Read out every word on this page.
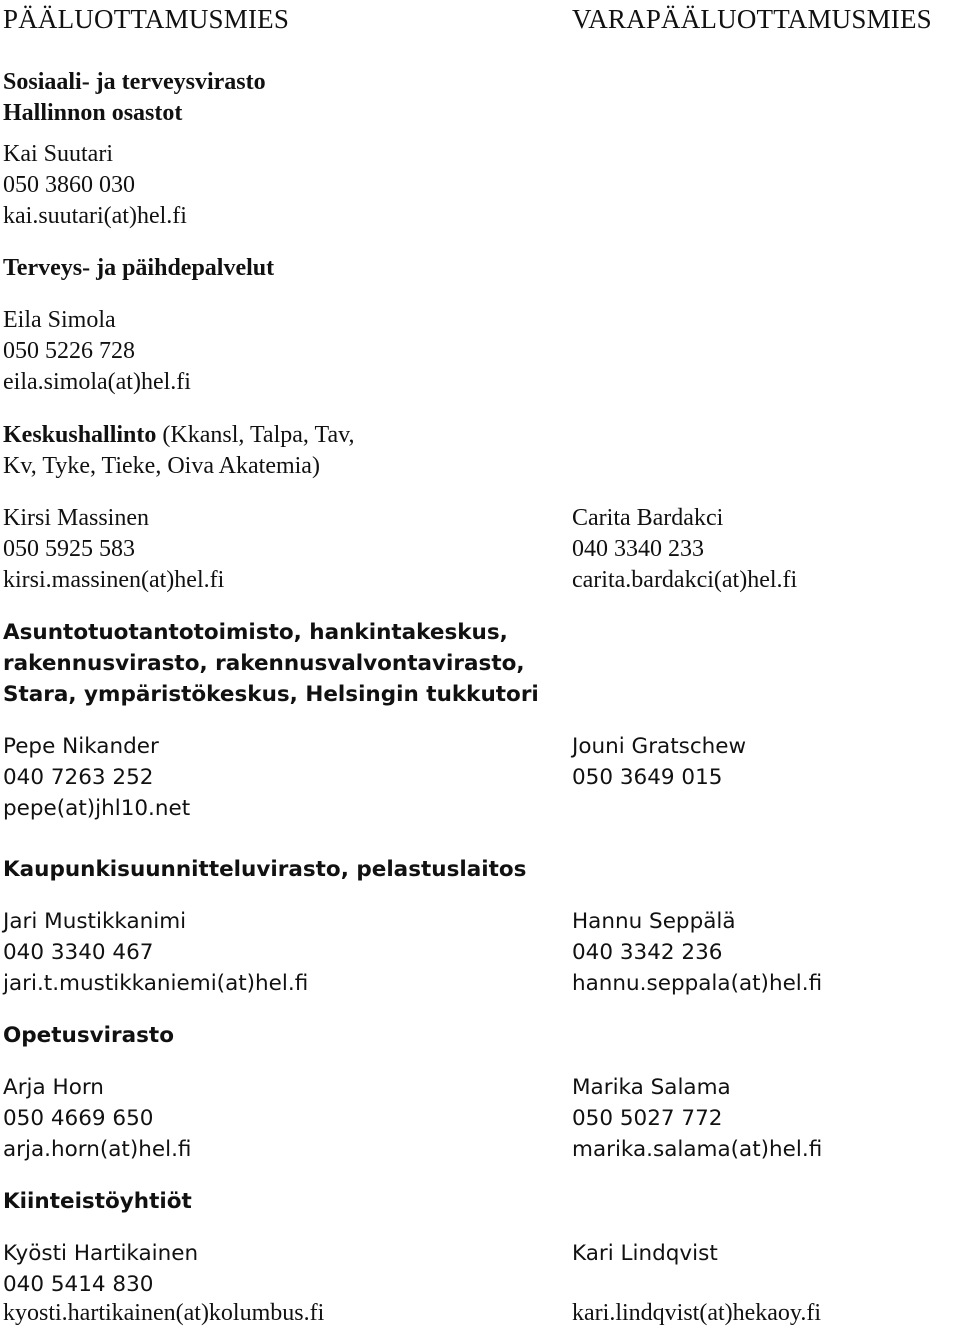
PÄÄLUOTTAMUSMIES	VARAPÄÄLUOTTAMUSMIES
Sosiaali- ja terveysvirasto
Hallinnon osastot
Kai Suutari
050 3860 030
kai.suutari(at)hel.fi
Terveys- ja päihdepalvelut
Eila Simola
050 5226 728
eila.simola(at)hel.fi
Keskushallinto (Kkansl, Talpa, Tav,
Kv, Tyke, Tieke, Oiva Akatemia)
Kirsi Massinen
050 5925 583
kirsi.massinen(at)hel.fi
Carita Bardakci
040 3340 233
carita.bardakci(at)hel.fi
Asuntotuotantotoimisto, hankintakeskus,
rakennusvirasto, rakennusvalvontavirasto,
Stara, ympäristökeskus, Helsingin tukkutori
Pepe Nikander
040 7263 252
pepe(at)jhl10.net
Jouni Gratschew
050 3649 015
Kaupunkisuunnitteluvirasto, pelastuslaitos
Jari Mustikkanimi
040 3340 467
jari.t.mustikkaniemi(at)hel.fi
Hannu Seppälä
040 3342 236
hannu.seppala(at)hel.fi
Opetusvirasto
Arja Horn
050 4669 650
arja.horn(at)hel.fi
Marika Salama
050 5027 772
marika.salama(at)hel.fi
Kiinteistöyhtiöt
Kyösti Hartikainen
040 5414 830
kyosti.hartikainen(at)kolumbus.fi
Kari Lindqvist
kari.lindqvist(at)hekaoy.fi
